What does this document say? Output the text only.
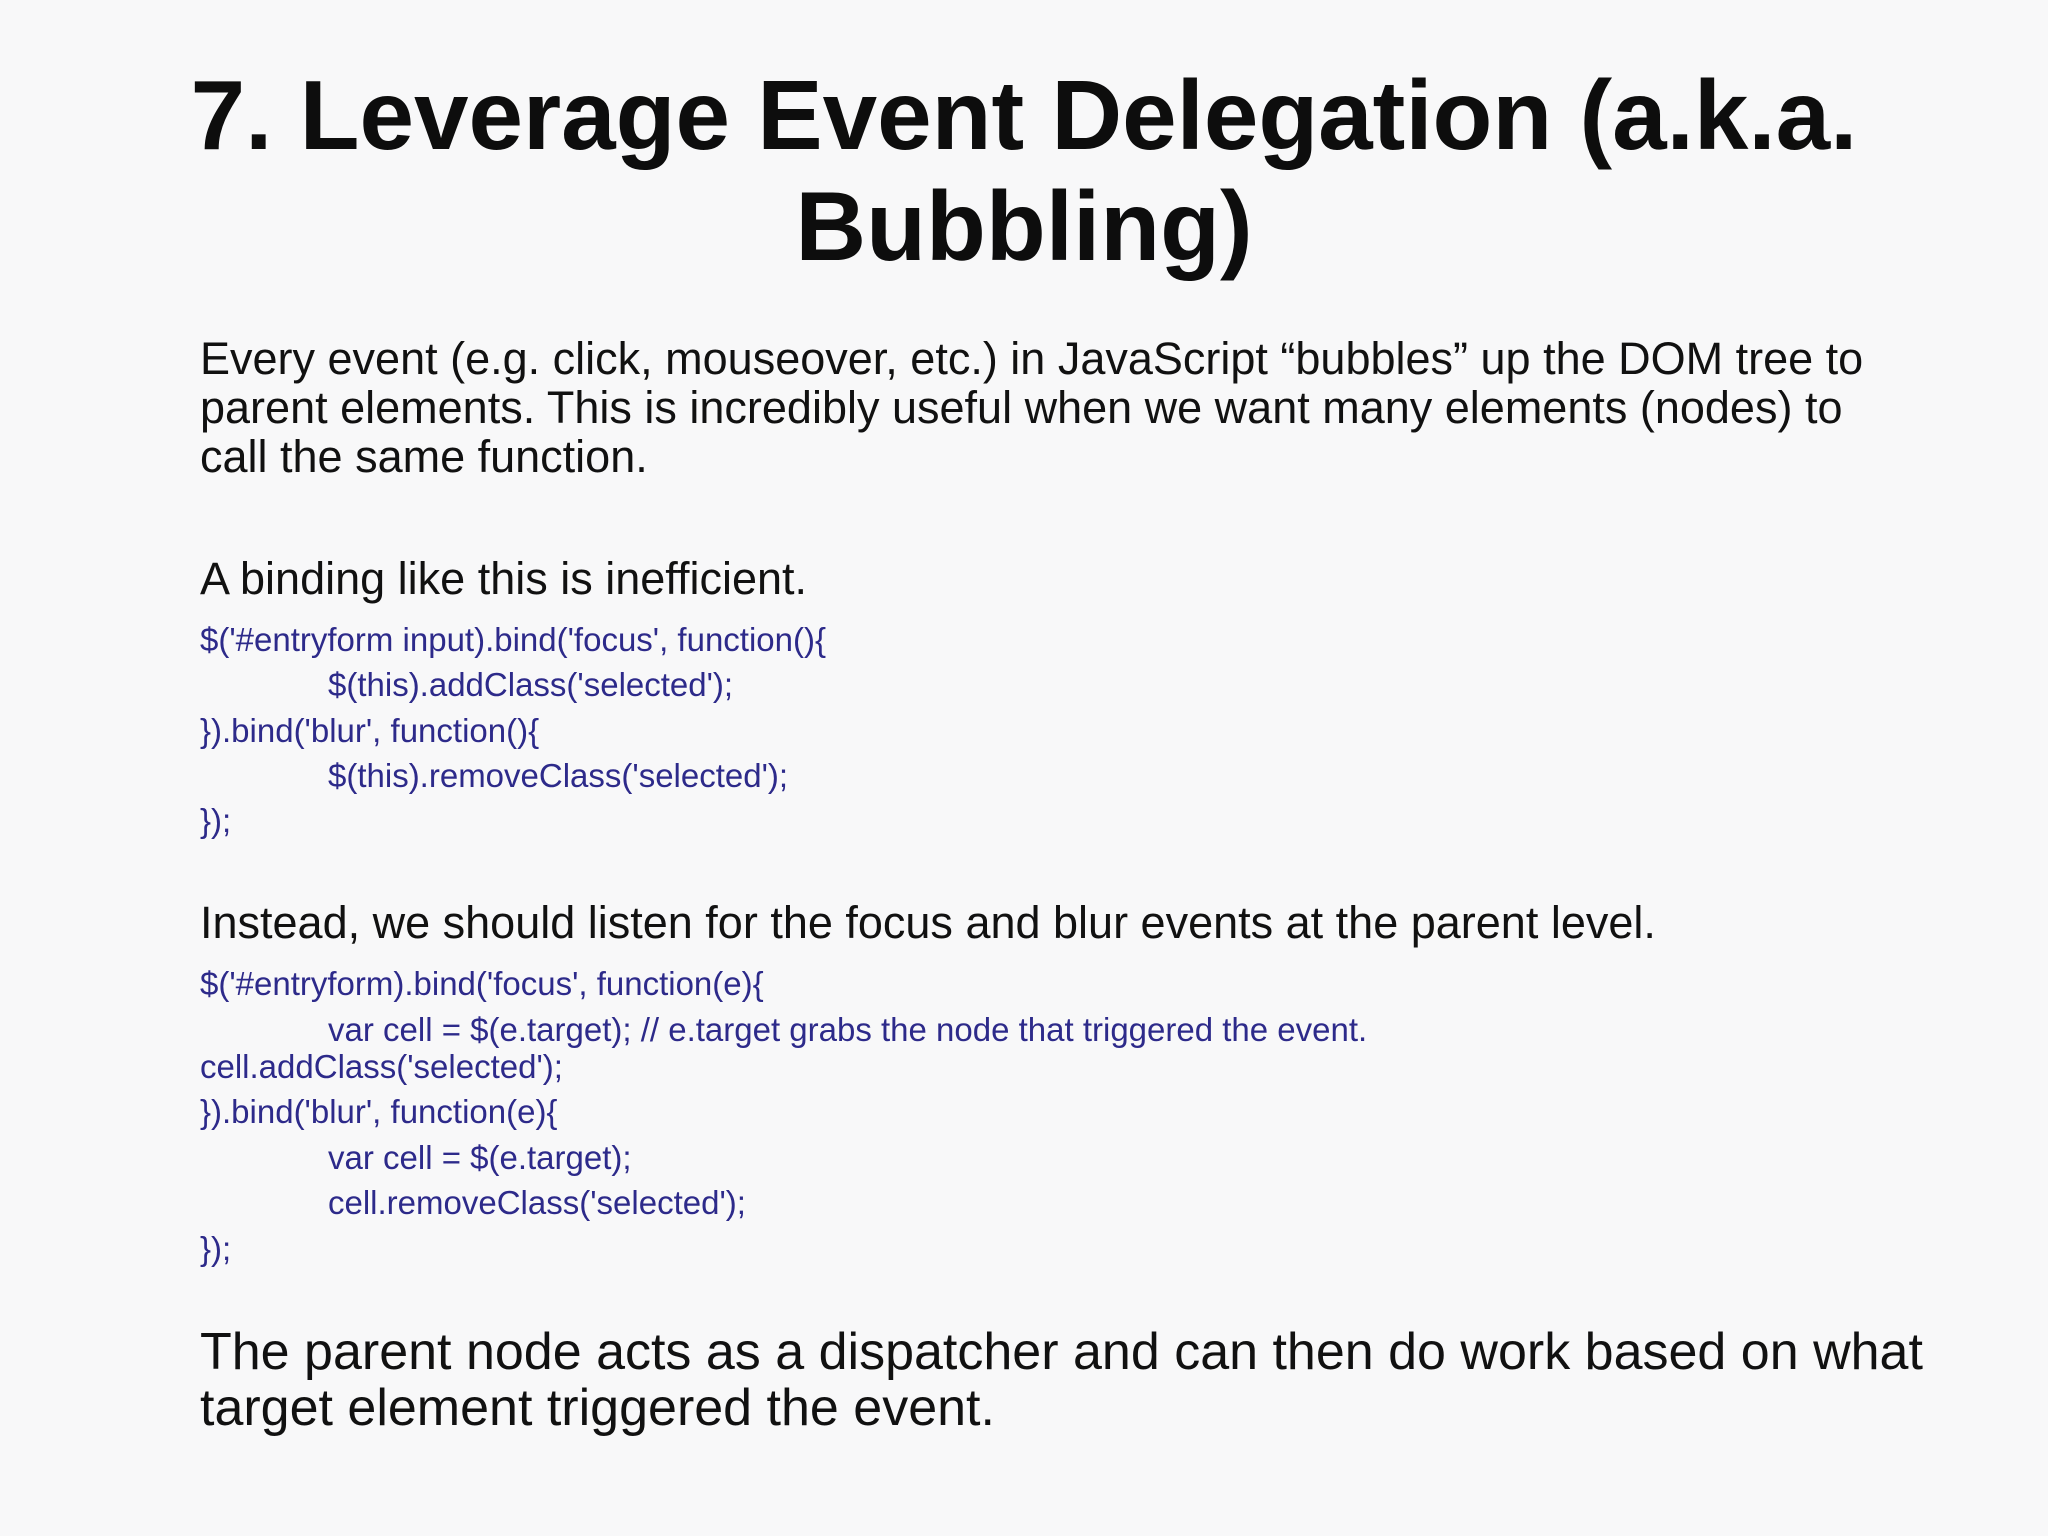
7. Leverage Event Delegation (a.k.a.
Bubbling)
Every event (e.g. click, mouseover, etc.) in JavaScript “bubbles” up the DOM tree to
parent elements. This is incredibly useful when we want many elements (nodes) to
call the same function.
A binding like this is inefficient.
$('#entryform input).bind('focus', function(){
$(this).addClass('selected');
}).bind('blur', function(){
$(this).removeClass('selected');
});
Instead, we should listen for the focus and blur events at the parent level.
$('#entryform).bind('focus', function(e){
var cell = $(e.target); // e.target grabs the node that triggered the event.
cell.addClass('selected');
}).bind('blur', function(e){
var cell = $(e.target);
cell.removeClass('selected');
});
The parent node acts as a dispatcher and can then do work based on what
target element triggered the event.
